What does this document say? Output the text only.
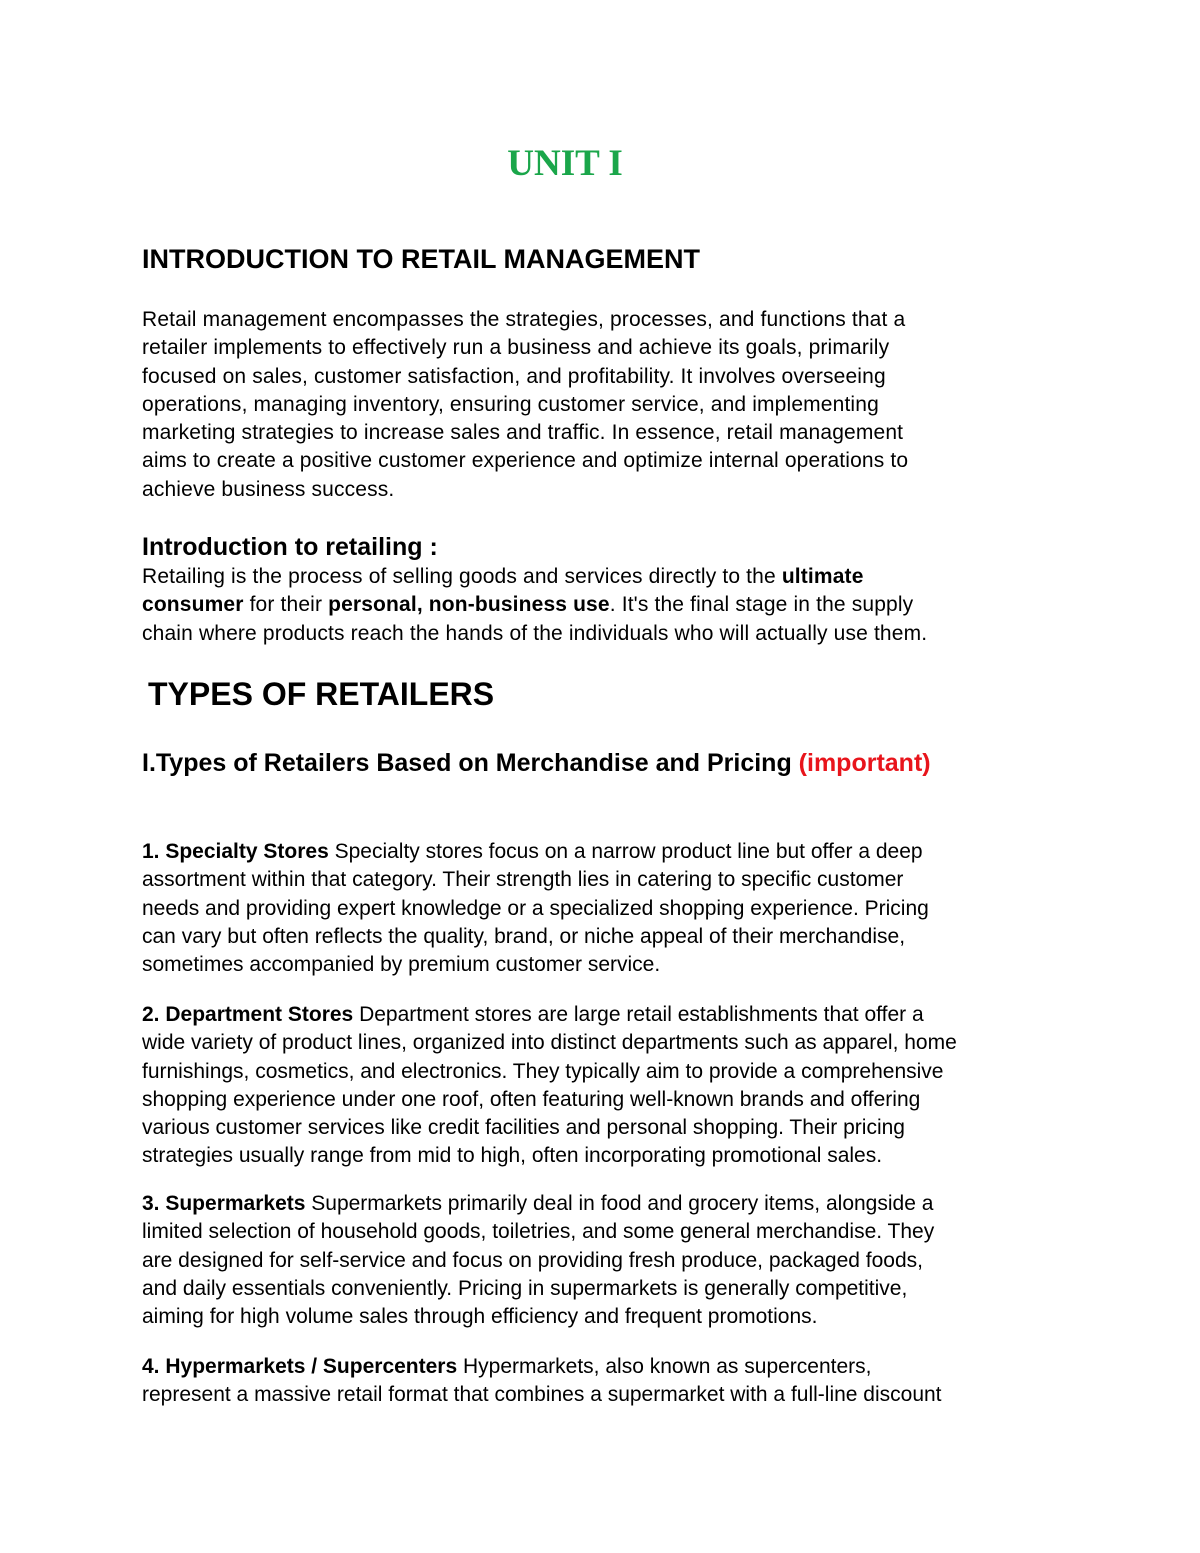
UNIT I
INTRODUCTION TO RETAIL MANAGEMENT

Retail management encompasses the strategies, processes, and functions that a
retailer implements to effectively run a business and achieve its goals, primarily
focused on sales, customer satisfaction, and profitability. It involves overseeing
operations, managing inventory, ensuring customer service, and implementing
marketing strategies to increase sales and traffic. In essence, retail management
aims to create a positive customer experience and optimize internal operations to
achieve business success.

Introduction to retailing :

Retailing is the process of selling goods and services directly to the ultimate
consumer for their personal, non-business use. It's the final stage in the supply
chain where products reach the hands of the individuals who will actually use them.

TYPES OF RETAILERS
I.Types of Retailers Based on Merchandise and Pricing (important)

1. Specialty Stores Specialty stores focus on a narrow product line but offer a deep
assortment within that category. Their strength lies in catering to specific customer
needs and providing expert knowledge or a specialized shopping experience. Pricing
can vary but often reflects the quality, brand, or niche appeal of their merchandise,
sometimes accompanied by premium customer service.

2. Department Stores Department stores are large retail establishments that offer a
wide variety of product lines, organized into distinct departments such as apparel, home
furnishings, cosmetics, and electronics. They typically aim to provide a comprehensive
shopping experience under one roof, often featuring well-known brands and offering
various customer services like credit facilities and personal shopping. Their pricing
strategies usually range from mid to high, often incorporating promotional sales.

3. Supermarkets Supermarkets primarily deal in food and grocery items, alongside a
limited selection of household goods, toiletries, and some general merchandise. They
are designed for self-service and focus on providing fresh produce, packaged foods,
and daily essentials conveniently. Pricing in supermarkets is generally competitive,
aiming for high volume sales through efficiency and frequent promotions.

4. Hypermarkets / Supercenters Hypermarkets, also known as supercenters,
represent a massive retail format that combines a supermarket with a full-line discount
